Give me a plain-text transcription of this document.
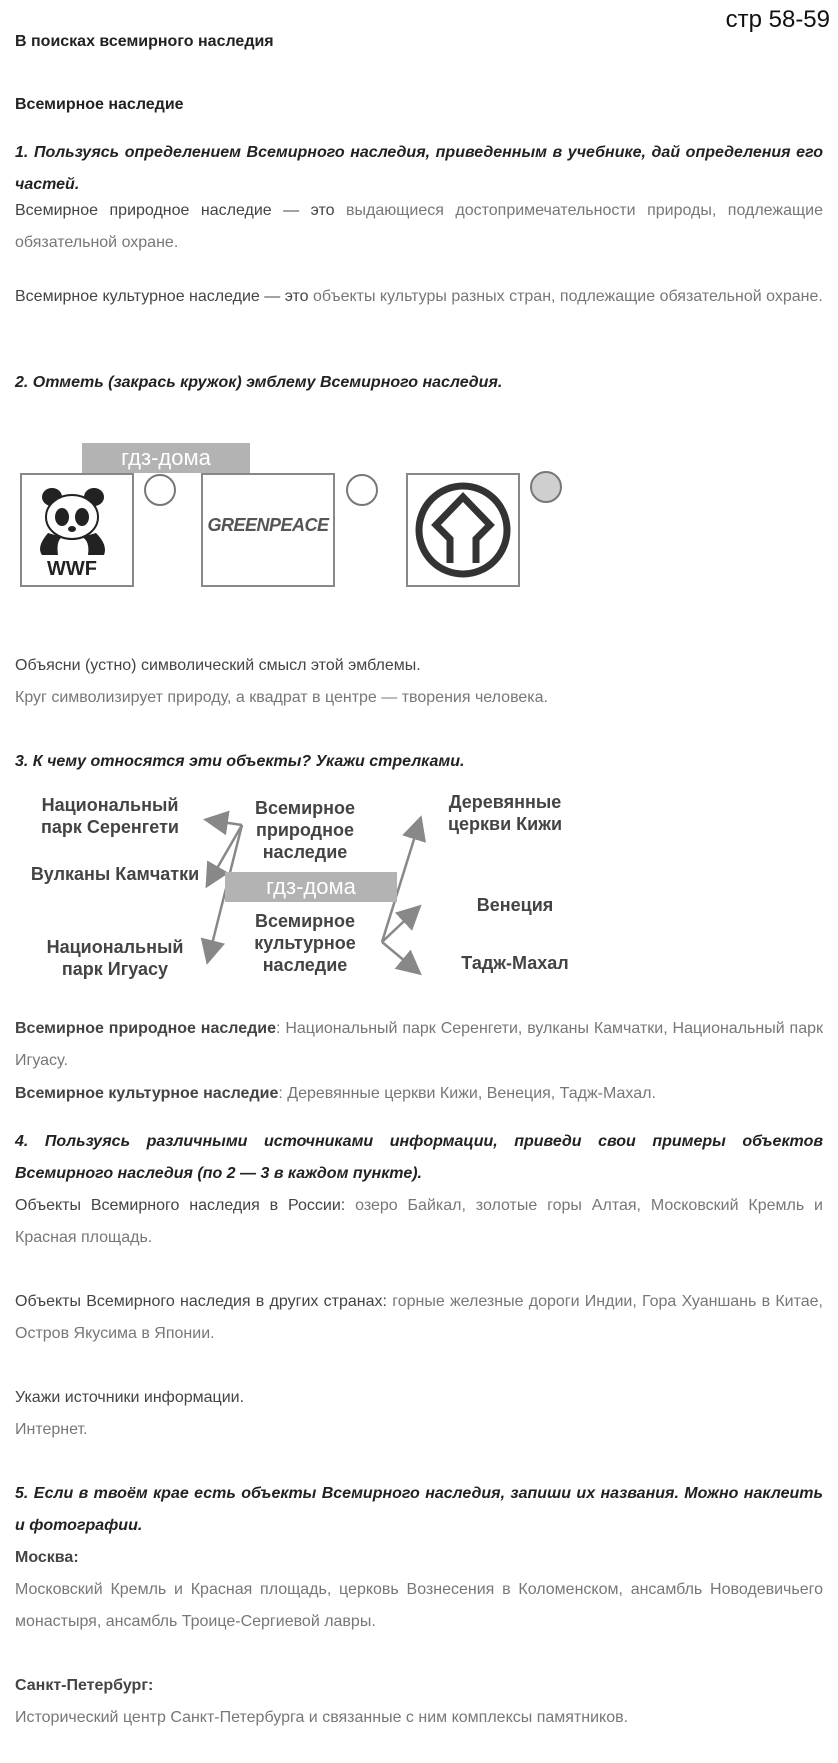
стр 58-59
В поисках всемирного наследия
Всемирное наследие
1. Пользуясь определением Всемирного наследия, приведенным в учебнике, дай определения его частей.
Всемирное природное наследие — это выдающиеся достопримечательности природы, подлежащие обязательной охране.
Всемирное культурное наследие — это объекты культуры разных стран, подлежащие обязательной охране.
2. Отметь (закрась кружок) эмблему Всемирного наследия.
WWF
GREENPEACE
гдз-дома
Объясни (устно) символический смысл этой эмблемы.
Круг символизирует природу, а квадрат в центре — творения человека.
3. К чему относятся эти объекты? Укажи стрелками.
Национальный парк Серенгети
Вулканы Камчатки
Национальный парк Игуасу
Всемирное природное наследие
Всемирное культурное наследие
Деревянные церкви Кижи
Венеция
Тадж-Махал
гдз-дома
Всемирное природное наследие: Национальный парк Серенгети, вулканы Камчатки, Национальный парк Игуасу.
Всемирное культурное наследие: Деревянные церкви Кижи, Венеция, Тадж-Махал.
4. Пользуясь различными источниками информации, приведи свои примеры объектов Всемирного наследия (по 2 — 3 в каждом пункте).
Объекты Всемирного наследия в России: озеро Байкал, золотые горы Алтая, Московский Кремль и Красная площадь.
Объекты Всемирного наследия в других странах: горные железные дороги Индии, Гора Хуаншань в Китае, Остров Якусима в Японии.
Укажи источники информации.
Интернет.
5. Если в твоём крае есть объекты Всемирного наследия, запиши их названия. Можно наклеить и фотографии.
Москва:
Московский Кремль и Красная площадь, церковь Вознесения в Коломенском, ансамбль Новодевичьего монастыря, ансамбль Троице-Сергиевой лавры.
Санкт-Петербург:
Исторический центр Санкт-Петербурга и связанные с ним комплексы памятников.
